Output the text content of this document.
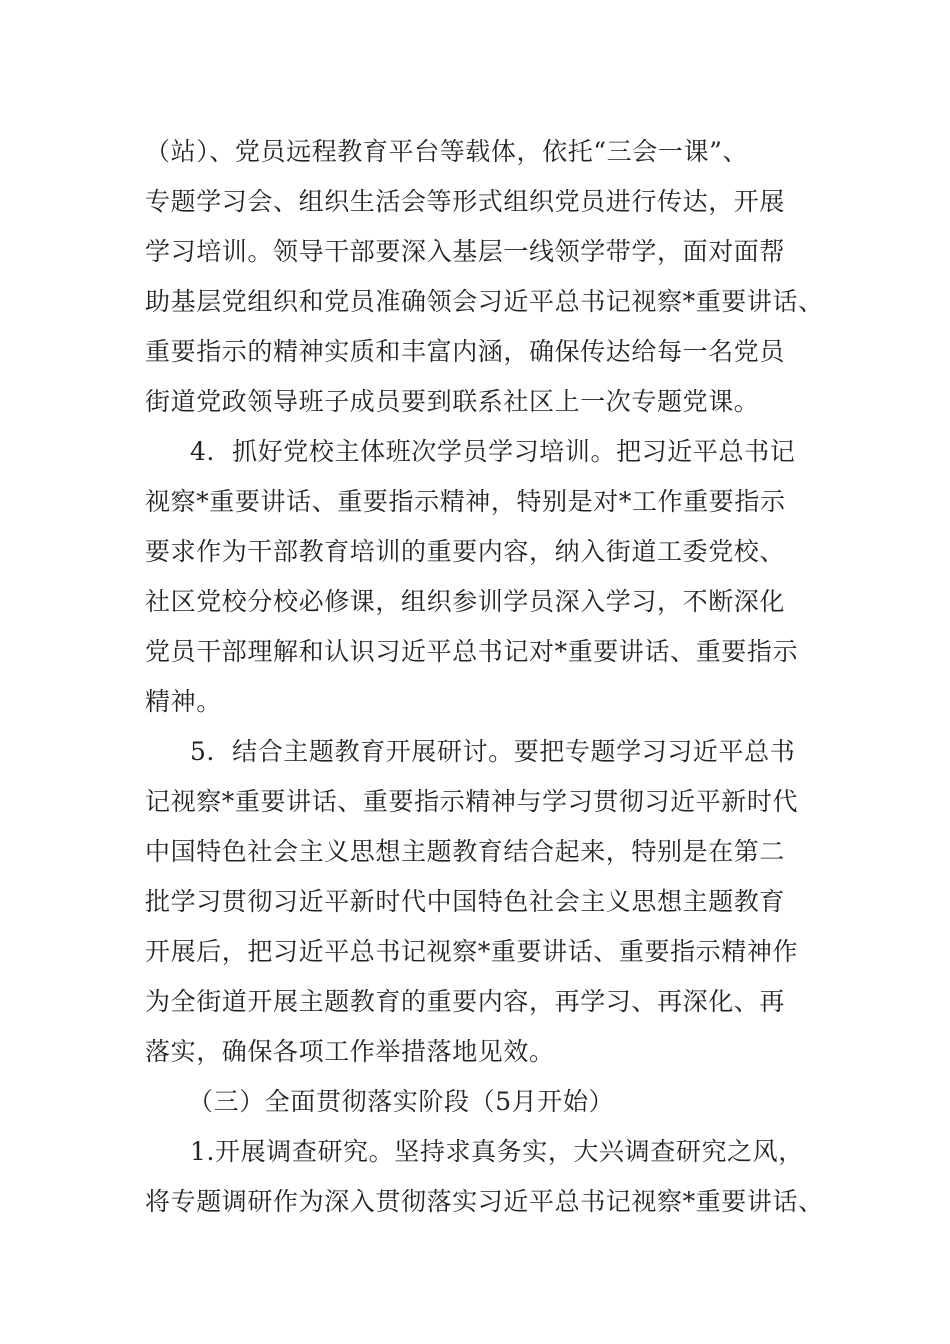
（站）、党员远程教育平台等载体，依托“三会一课”、
专题学习会、组织生活会等形式组织党员进行传达，开展
学习培训。领导干部要深入基层一线领学带学，面对面帮
助基层党组织和党员准确领会习近平总书记视察*重要讲话、
重要指示的精神实质和丰富内涵，确保传达给每一名党员
街道党政领导班子成员要到联系社区上一次专题党课。
4．抓好党校主体班次学员学习培训。把习近平总书记
视察*重要讲话、重要指示精神，特别是对*工作重要指示
要求作为干部教育培训的重要内容，纳入街道工委党校、
社区党校分校必修课，组织参训学员深入学习，不断深化
党员干部理解和认识习近平总书记对*重要讲话、重要指示
精神。
5．结合主题教育开展研讨。要把专题学习习近平总书
记视察*重要讲话、重要指示精神与学习贯彻习近平新时代
中国特色社会主义思想主题教育结合起来，特别是在第二
批学习贯彻习近平新时代中国特色社会主义思想主题教育
开展后，把习近平总书记视察*重要讲话、重要指示精神作
为全街道开展主题教育的重要内容，再学习、再深化、再
落实，确保各项工作举措落地见效。
（三）全面贯彻落实阶段（5月开始）
1.开展调查研究。坚持求真务实，大兴调查研究之风，
将专题调研作为深入贯彻落实习近平总书记视察*重要讲话、
